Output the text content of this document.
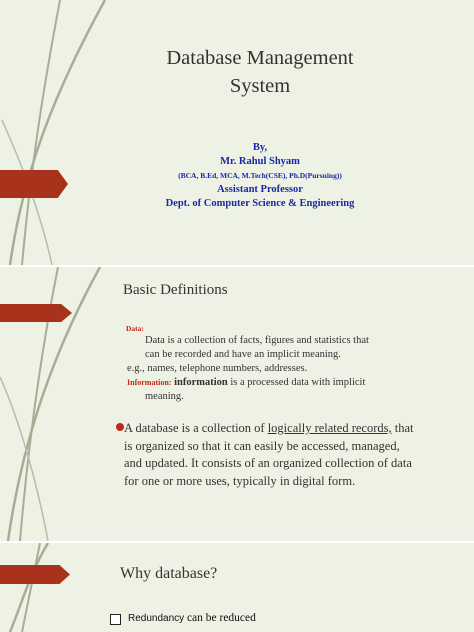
Database Management
System
By,
Mr. Rahul Shyam
(BCA, B.Ed, MCA, M.Tech(CSE), Ph.D(Pursuing))
Assistant Professor
Dept. of Computer Science & Engineering
Basic Definitions
Data:
Data is a collection of facts, figures and statistics that
can be recorded and have an implicit meaning.
e.g., names, telephone numbers, addresses.
Information: information is a processed data with implicit
meaning.
A database is a collection of logically related records, that is organized so that it can easily be accessed, managed, and updated. It consists of an organized collection of data for one or more uses, typically in digital form.
Why database?
Redundancy can be reduced
